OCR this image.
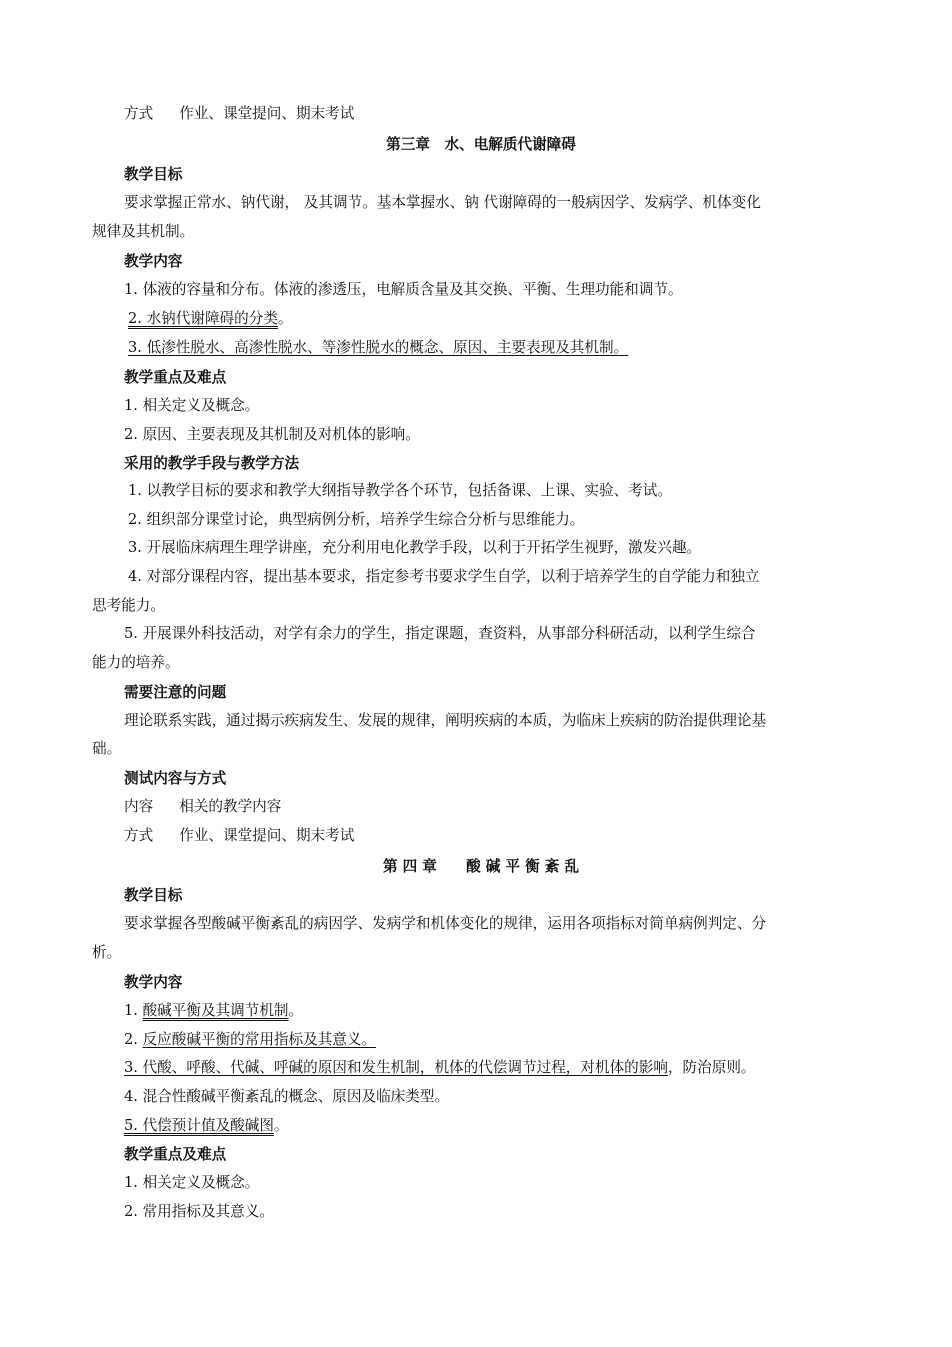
方式 作业、课堂提问、期末考试
第三章　水、电解质代谢障碍
教学目标
要求掌握正常水、钠代谢， 及其调节。基本掌握水、钠 代谢障碍的一般病因学、发病学、机体变化
规律及其机制。
教学内容
1. 体液的容量和分布。体液的渗透压，电解质含量及其交换、平衡、生理功能和调节。
2. 水钠代谢障碍的分类。
3. 低渗性脱水、高渗性脱水、等渗性脱水的概念、原因、主要表现及其机制。
教学重点及难点
1. 相关定义及概念。
2. 原因、主要表现及其机制及对机体的影响。
采用的教学手段与教学方法
1. 以教学目标的要求和教学大纲指导教学各个环节，包括备课、上课、实验、考试。
2. 组织部分课堂讨论，典型病例分析，培养学生综合分析与思维能力。
3. 开展临床病理生理学讲座，充分利用电化教学手段，以利于开拓学生视野，激发兴趣。
4. 对部分课程内容，提出基本要求，指定参考书要求学生自学，以利于培养学生的自学能力和独立
思考能力。
5. 开展课外科技活动，对学有余力的学生，指定课题，查资料，从事部分科研活动，以利学生综合
能力的培养。
需要注意的问题
理论联系实践，通过揭示疾病发生、发展的规律，阐明疾病的本质，为临床上疾病的防治提供理论基
础。
测试内容与方式
内容 相关的教学内容
方式 作业、课堂提问、期末考试
第 四 章　　酸 碱 平 衡 紊 乱
教学目标
要求掌握各型酸碱平衡紊乱的病因学、发病学和机体变化的规律，运用各项指标对简单病例判定、分
析。
教学内容
1. 酸碱平衡及其调节机制。
2. 反应酸碱平衡的常用指标及其意义。
3. 代酸、呼酸、代碱、呼碱的原因和发生机制，机体的代偿调节过程，对机体的影响，防治原则。
4. 混合性酸碱平衡紊乱的概念、原因及临床类型。
5. 代偿预计值及酸碱图。
教学重点及难点
1. 相关定义及概念。
2. 常用指标及其意义。
